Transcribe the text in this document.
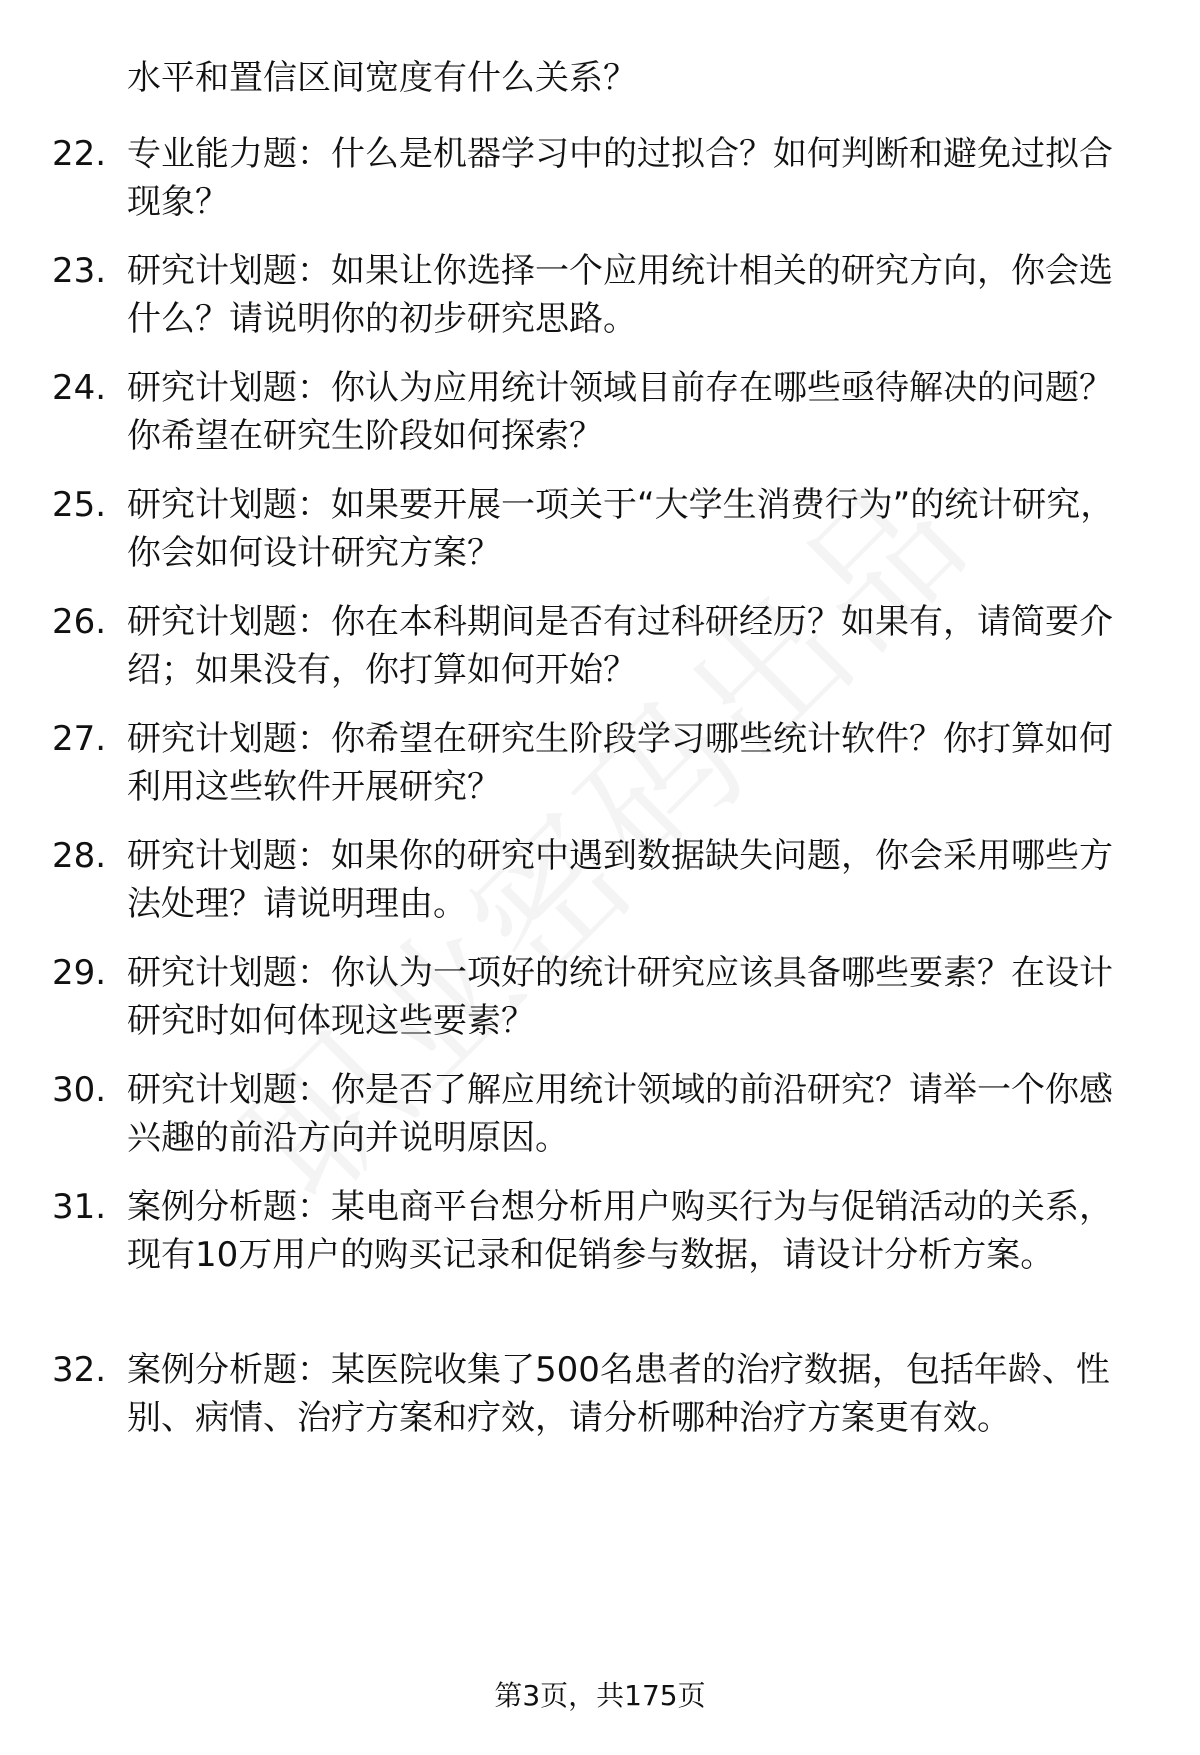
水平和置信区间宽度有什么关系？
22. 专业能力题：什么是机器学习中的过拟合？如何判断和避免过拟合现象？
23. 研究计划题：如果让你选择一个应用统计相关的研究方向，你会选什么？请说明你的初步研究思路。
24. 研究计划题：你认为应用统计领域目前存在哪些亟待解决的问题？你希望在研究生阶段如何探索？
25. 研究计划题：如果要开展一项关于“大学生消费行为”的统计研究，你会如何设计研究方案？
26. 研究计划题：你在本科期间是否有过科研经历？如果有，请简要介绍；如果没有，你打算如何开始？
27. 研究计划题：你希望在研究生阶段学习哪些统计软件？你打算如何利用这些软件开展研究？
28. 研究计划题：如果你的研究中遇到数据缺失问题，你会采用哪些方法处理？请说明理由。
29. 研究计划题：你认为一项好的统计研究应该具备哪些要素？在设计研究时如何体现这些要素？
30. 研究计划题：你是否了解应用统计领域的前沿研究？请举一个你感兴趣的前沿方向并说明原因。
31. 案例分析题：某电商平台想分析用户购买行为与促销活动的关系，现有10万用户的购买记录和促销参与数据，请设计分析方案。
32. 案例分析题：某医院收集了500名患者的治疗数据，包括年龄、性别、病情、治疗方案和疗效，请分析哪种治疗方案更有效。
第3页，共175页
